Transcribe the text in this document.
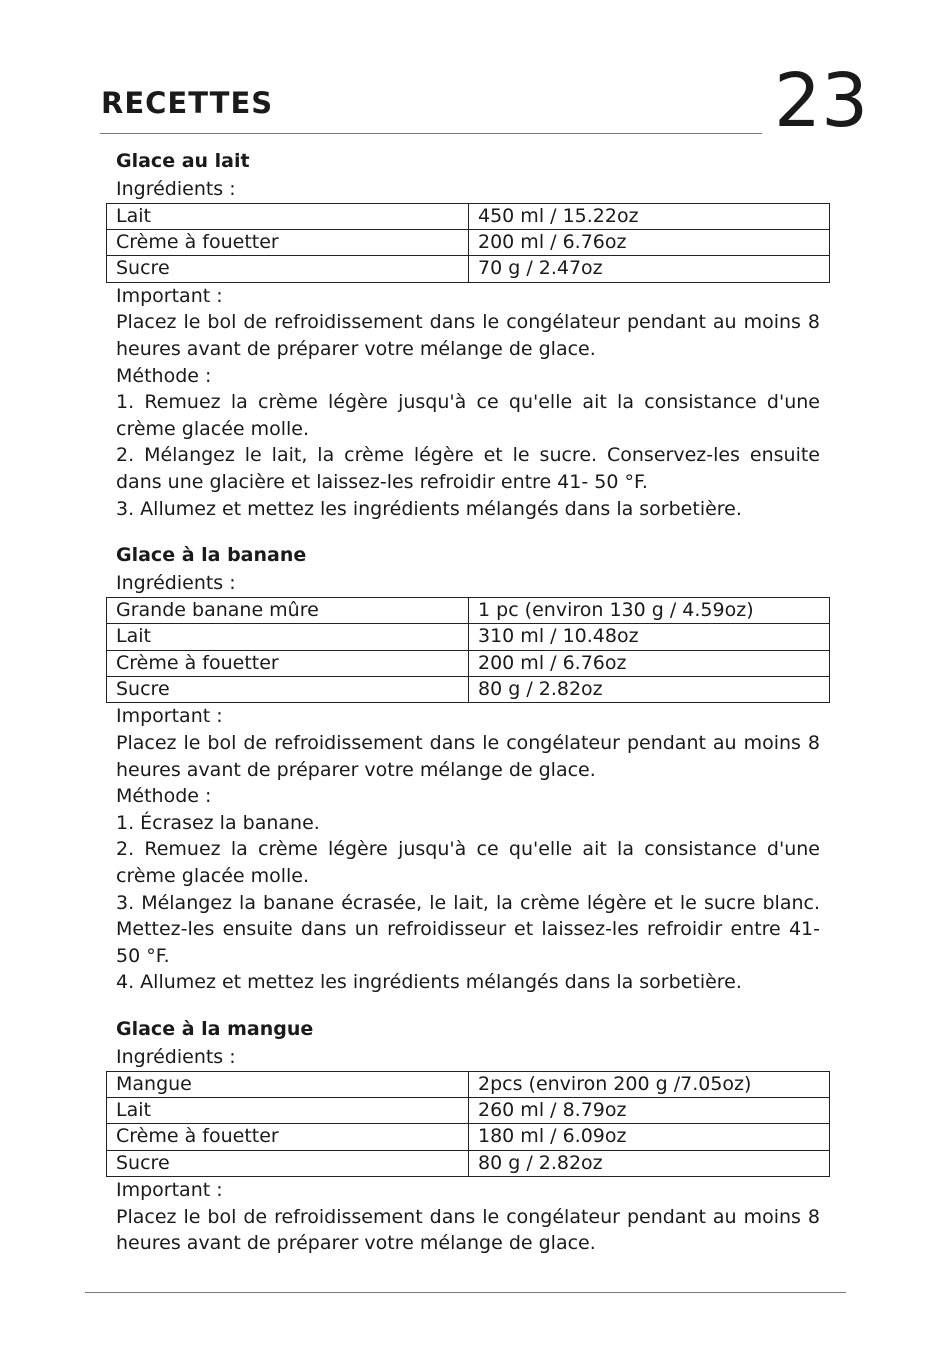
RECETTES	23
Glace au lait
Ingrédients :
Lait	450 ml / 15.22oz
Crème à fouetter	200 ml / 6.76oz
Sucre	70 g / 2.47oz
Important :
Placez le bol de refroidissement dans le congélateur pendant au moins 8 heures avant de préparer votre mélange de glace.
Méthode :
1. Remuez la crème légère jusqu'à ce qu'elle ait la consistance d'une crème glacée molle.
2. Mélangez le lait, la crème légère et le sucre. Conservez-les ensuite dans une glacière et laissez-les refroidir entre 41- 50 °F.
3. Allumez et mettez les ingrédients mélangés dans la sorbetière.
Glace à la banane
Ingrédients :
Grande banane mûre	1 pc (environ 130 g / 4.59oz)
Lait	310 ml / 10.48oz
Crème à fouetter	200 ml / 6.76oz
Sucre	80 g / 2.82oz
Important :
Placez le bol de refroidissement dans le congélateur pendant au moins 8 heures avant de préparer votre mélange de glace.
Méthode :
1. Écrasez la banane.
2. Remuez la crème légère jusqu'à ce qu'elle ait la consistance d'une crème glacée molle.
3. Mélangez la banane écrasée, le lait, la crème légère et le sucre blanc. Mettez-les ensuite dans un refroidisseur et laissez-les refroidir entre 41-50 °F.
4. Allumez et mettez les ingrédients mélangés dans la sorbetière.
Glace à la mangue
Ingrédients :
Mangue	2pcs (environ 200 g /7.05oz)
Lait	260 ml / 8.79oz
Crème à fouetter	180 ml / 6.09oz
Sucre	80 g / 2.82oz
Important :
Placez le bol de refroidissement dans le congélateur pendant au moins 8 heures avant de préparer votre mélange de glace.
